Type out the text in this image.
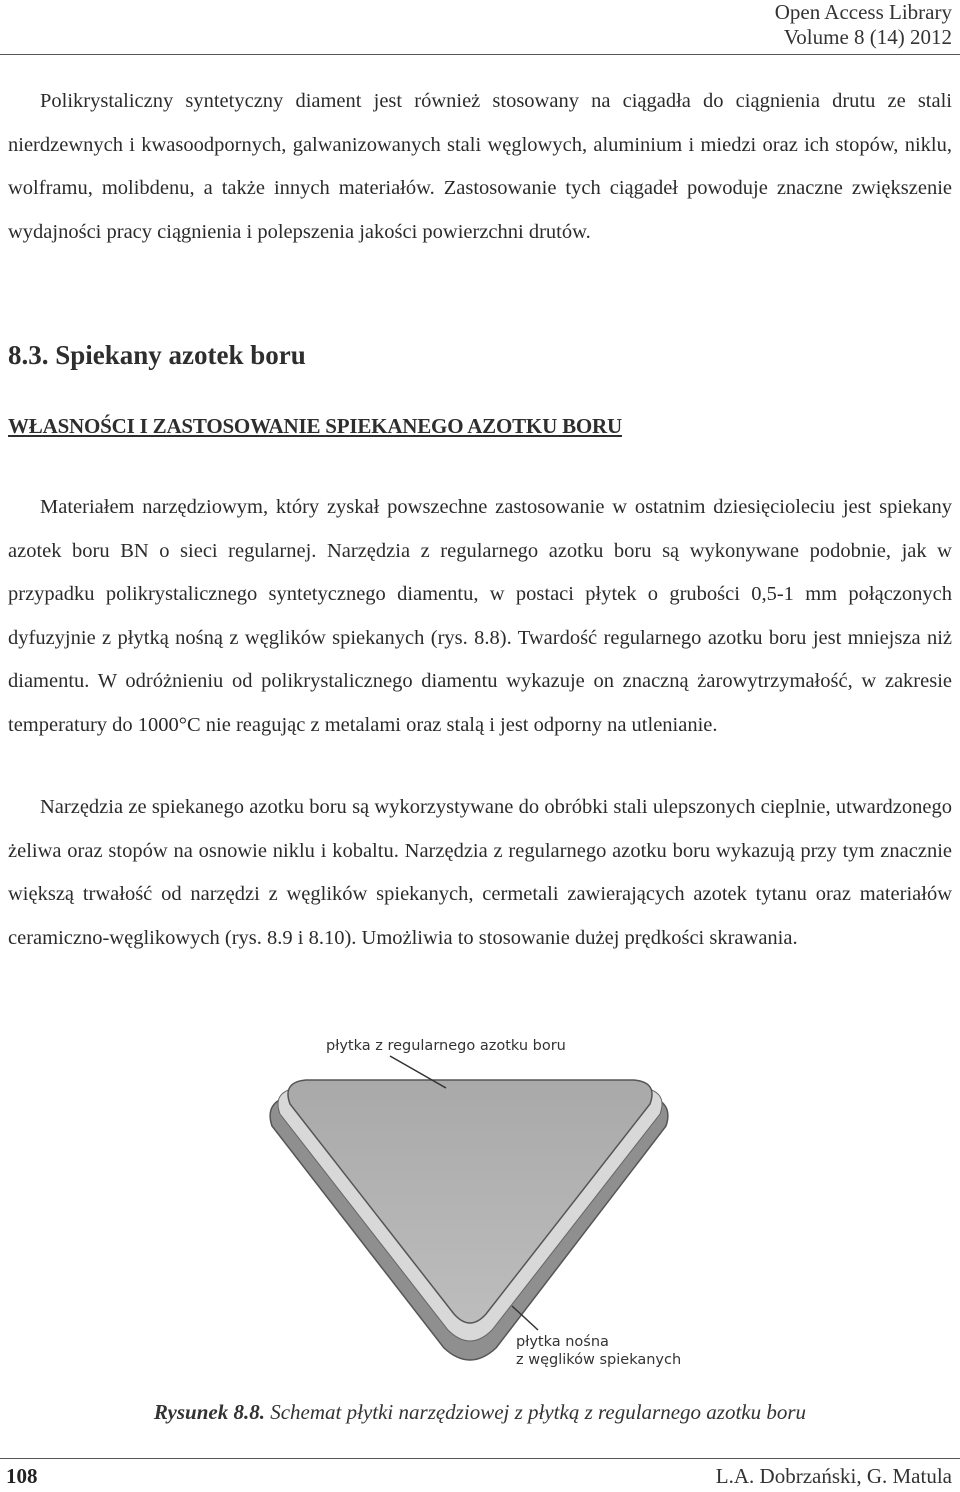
Open Access Library
Volume 8 (14) 2012
Polikrystaliczny syntetyczny diament jest również stosowany na ciągadła do ciągnienia drutu ze stali nierdzewnych i kwasoodpornych, galwanizowanych stali węglowych, aluminium i miedzi oraz ich stopów, niklu, wolframu, molibdenu, a także innych materiałów. Zastosowanie tych ciągadeł powoduje znaczne zwiększenie wydajności pracy ciągnienia i polepszenia jakości powierzchni drutów.
8.3. Spiekany azotek boru
WŁASNOŚCI I ZASTOSOWANIE SPIEKANEGO AZOTKU BORU
Materiałem narzędziowym, który zyskał powszechne zastosowanie w ostatnim dziesięcioleciu jest spiekany azotek boru BN o sieci regularnej. Narzędzia z regularnego azotku boru są wykonywane podobnie, jak w przypadku polikrystalicznego syntetycznego diamentu, w postaci płytek o grubości 0,5-1 mm połączonych dyfuzyjnie z płytką nośną z węglików spiekanych (rys. 8.8). Twardość regularnego azotku boru jest mniejsza niż diamentu. W odróżnieniu od polikrystalicznego diamentu wykazuje on znaczną żarowytrzymałość, w zakresie temperatury do 1000°C nie reagując z metalami oraz stalą i jest odporny na utlenianie.
Narzędzia ze spiekanego azotku boru są wykorzystywane do obróbki stali ulepszonych cieplnie, utwardzonego żeliwa oraz stopów na osnowie niklu i kobaltu. Narzędzia z regularnego azotku boru wykazują przy tym znacznie większą trwałość od narzędzi z węglików spiekanych, cermetali zawierających azotek tytanu oraz materiałów ceramiczno-węglikowych (rys. 8.9 i 8.10). Umożliwia to stosowanie dużej prędkości skrawania.
płytka z regularnego azotku boru
płytka nośna
z węglików spiekanych
Rysunek 8.8. Schemat płytki narzędziowej z płytką z regularnego azotku boru
108	L.A. Dobrzański, G. Matula
